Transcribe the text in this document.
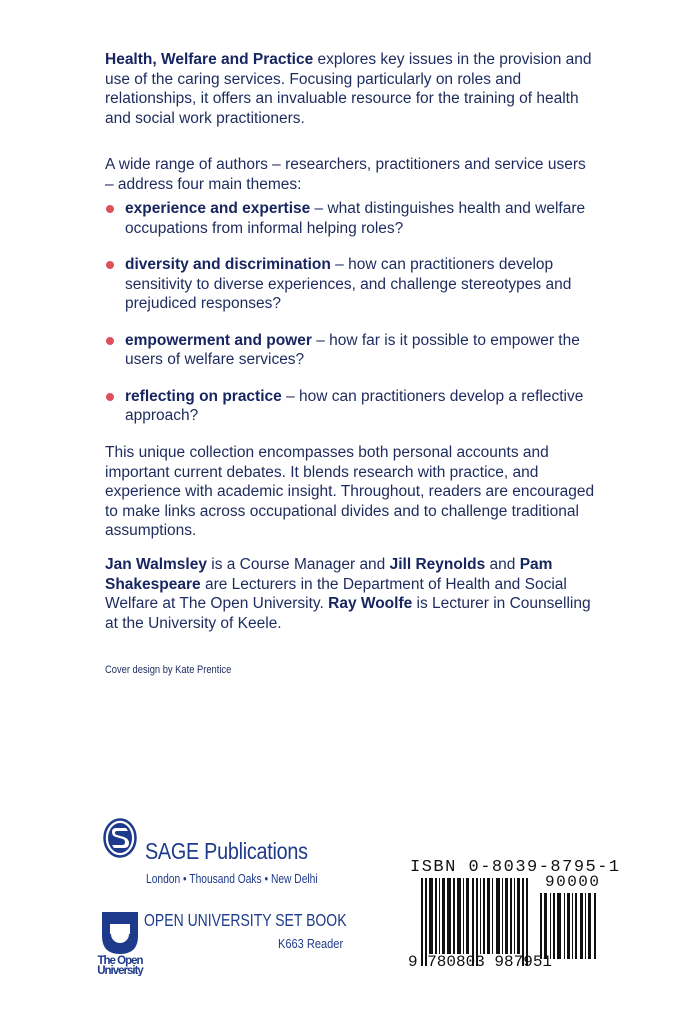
Health, Welfare and Practice explores key issues in the provision and use of the caring services. Focusing particularly on roles and relationships, it offers an invaluable resource for the training of health and social work practitioners.
A wide range of authors – researchers, practitioners and service users – address four main themes:
experience and expertise – what distinguishes health and welfare occupations from informal helping roles?
diversity and discrimination – how can practitioners develop sensitivity to diverse experiences, and challenge stereotypes and prejudiced responses?
empowerment and power – how far is it possible to empower the users of welfare services?
reflecting on practice – how can practitioners develop a reflective approach?
This unique collection encompasses both personal accounts and important current debates. It blends research with practice, and experience with academic insight. Throughout, readers are encouraged to make links across occupational divides and to challenge traditional assumptions.
Jan Walmsley is a Course Manager and Jill Reynolds and Pam Shakespeare are Lecturers in the Department of Health and Social Welfare at The Open University. Ray Woolfe is Lecturer in Counselling at the University of Keele.
Cover design by Kate Prentice
SAGE Publications
London • Thousand Oaks • New Delhi
The Open
University
OPEN UNIVERSITY SET BOOK
K663 Reader
ISBN 0-8039-8795-1
90000
9 780803 987951
